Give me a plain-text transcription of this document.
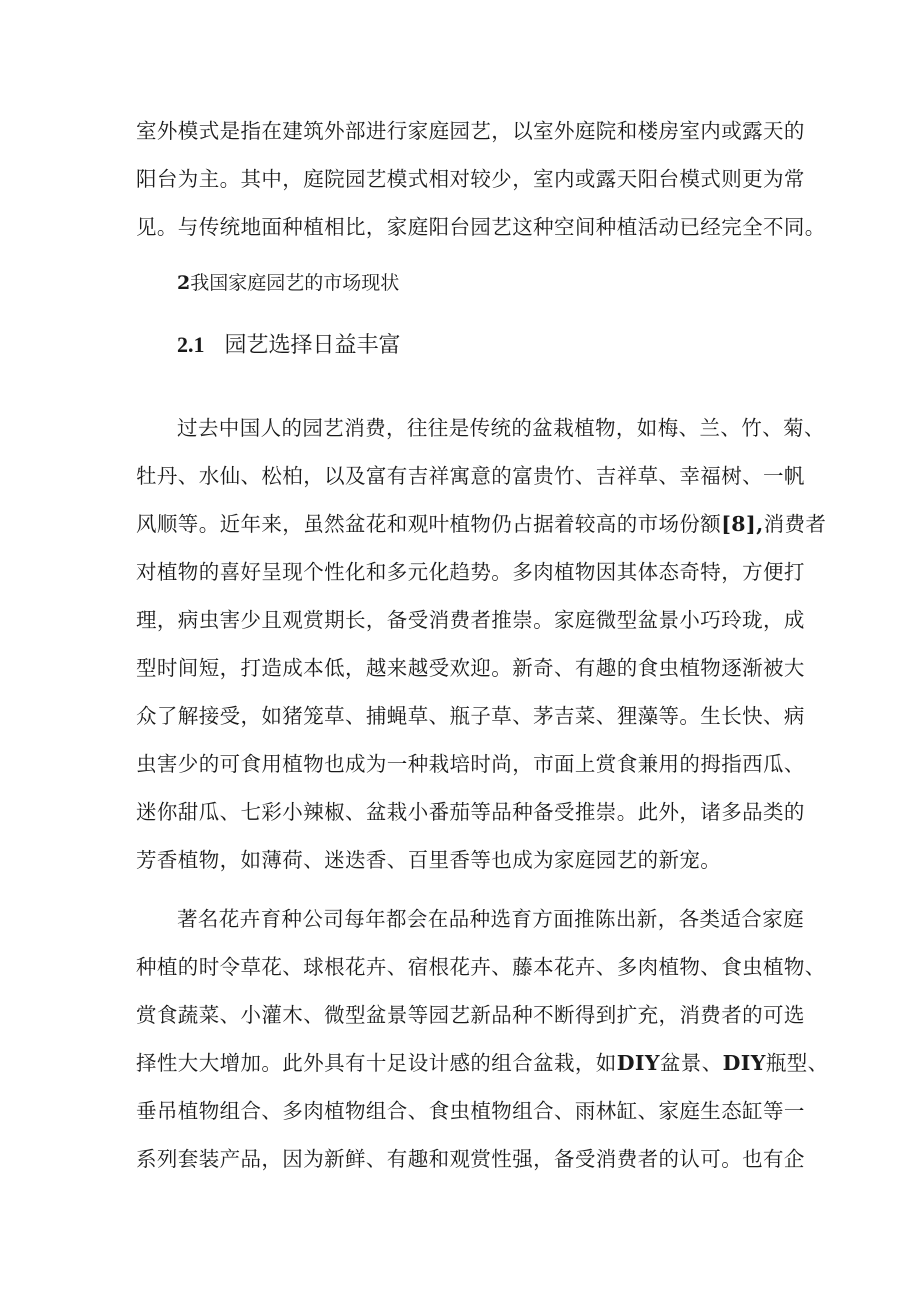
室外模式是指在建筑外部进行家庭园艺，以室外庭院和楼房室内或露天的
阳台为主。其中，庭院园艺模式相对较少，室内或露天阳台模式则更为常
见。与传统地面种植相比，家庭阳台园艺这种空间种植活动已经完全不同。
2我国家庭园艺的市场现状
2.1 园艺选择日益丰富
过去中国人的园艺消费，往往是传统的盆栽植物，如梅、兰、竹、菊、
牡丹、水仙、松柏，以及富有吉祥寓意的富贵竹、吉祥草、幸福树、一帆
风顺等。近年来，虽然盆花和观叶植物仍占据着较高的市场份额[8],消费者
对植物的喜好呈现个性化和多元化趋势。多肉植物因其体态奇特，方便打
理，病虫害少且观赏期长，备受消费者推崇。家庭微型盆景小巧玲珑，成
型时间短，打造成本低，越来越受欢迎。新奇、有趣的食虫植物逐渐被大
众了解接受，如猪笼草、捕蝇草、瓶子草、茅吉菜、狸藻等。生长快、病
虫害少的可食用植物也成为一种栽培时尚，市面上赏食兼用的拇指西瓜、
迷你甜瓜、七彩小辣椒、盆栽小番茄等品种备受推崇。此外，诸多品类的
芳香植物，如薄荷、迷迭香、百里香等也成为家庭园艺的新宠。
著名花卉育种公司每年都会在品种选育方面推陈出新，各类适合家庭
种植的时令草花、球根花卉、宿根花卉、藤本花卉、多肉植物、食虫植物、
赏食蔬菜、小灌木、微型盆景等园艺新品种不断得到扩充，消费者的可选
择性大大增加。此外具有十足设计感的组合盆栽，如DIY盆景、DIY瓶型、
垂吊植物组合、多肉植物组合、食虫植物组合、雨林缸、家庭生态缸等一
系列套装产品，因为新鲜、有趣和观赏性强，备受消费者的认可。也有企
